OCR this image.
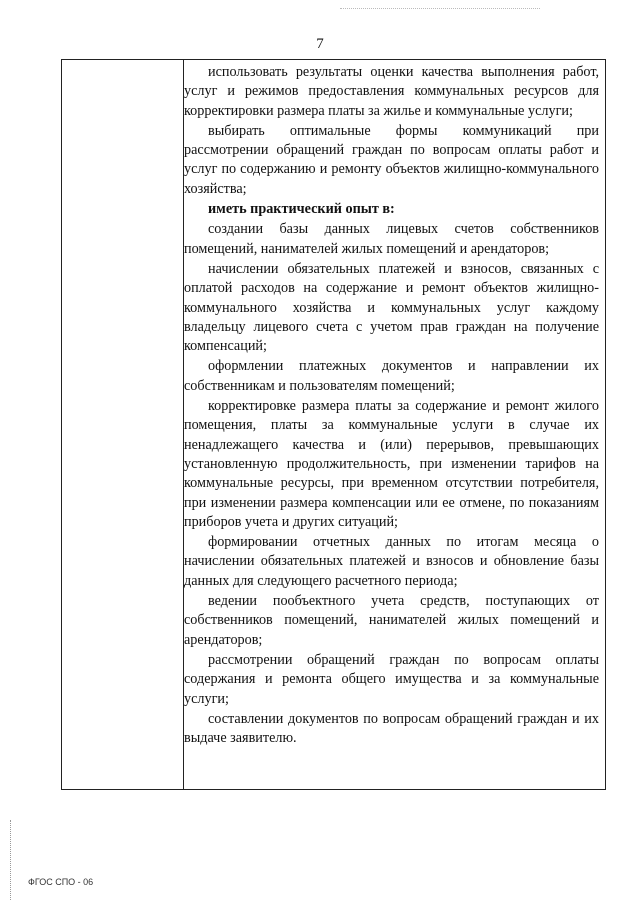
7

использовать результаты оценки качества выполнения работ, услуг и режимов предоставления коммунальных ресурсов для корректировки размера платы за жилье и коммунальные услуги;

выбирать оптимальные формы коммуникаций при рассмотрении обращений граждан по вопросам оплаты работ и услуг по содержанию и ремонту объектов жилищно-коммунального хозяйства;

иметь практический опыт в:

создании базы данных лицевых счетов собственников помещений, нанимателей жилых помещений и арендаторов;

начислении обязательных платежей и взносов, связанных с оплатой расходов на содержание и ремонт объектов жилищно-коммунального хозяйства и коммунальных услуг каждому владельцу лицевого счета с учетом прав граждан на получение компенсаций;

оформлении платежных документов и направлении их собственникам и пользователям помещений;

корректировке размера платы за содержание и ремонт жилого помещения, платы за коммунальные услуги в случае их ненадлежащего качества и (или) перерывов, превышающих установленную продолжительность, при изменении тарифов на коммунальные ресурсы, при временном отсутствии потребителя, при изменении размера компенсации или ее отмене, по показаниям приборов учета и других ситуаций;

формировании отчетных данных по итогам месяца о начислении обязательных платежей и взносов и обновление базы данных для следующего расчетного периода;

ведении пообъектного учета средств, поступающих от собственников помещений, нанимателей жилых помещений и арендаторов;

рассмотрении обращений граждан по вопросам оплаты содержания и ремонта общего имущества и за коммунальные услуги;

составлении документов по вопросам обращений граждан и их выдаче заявителю.

ФГОС СПО - 06
